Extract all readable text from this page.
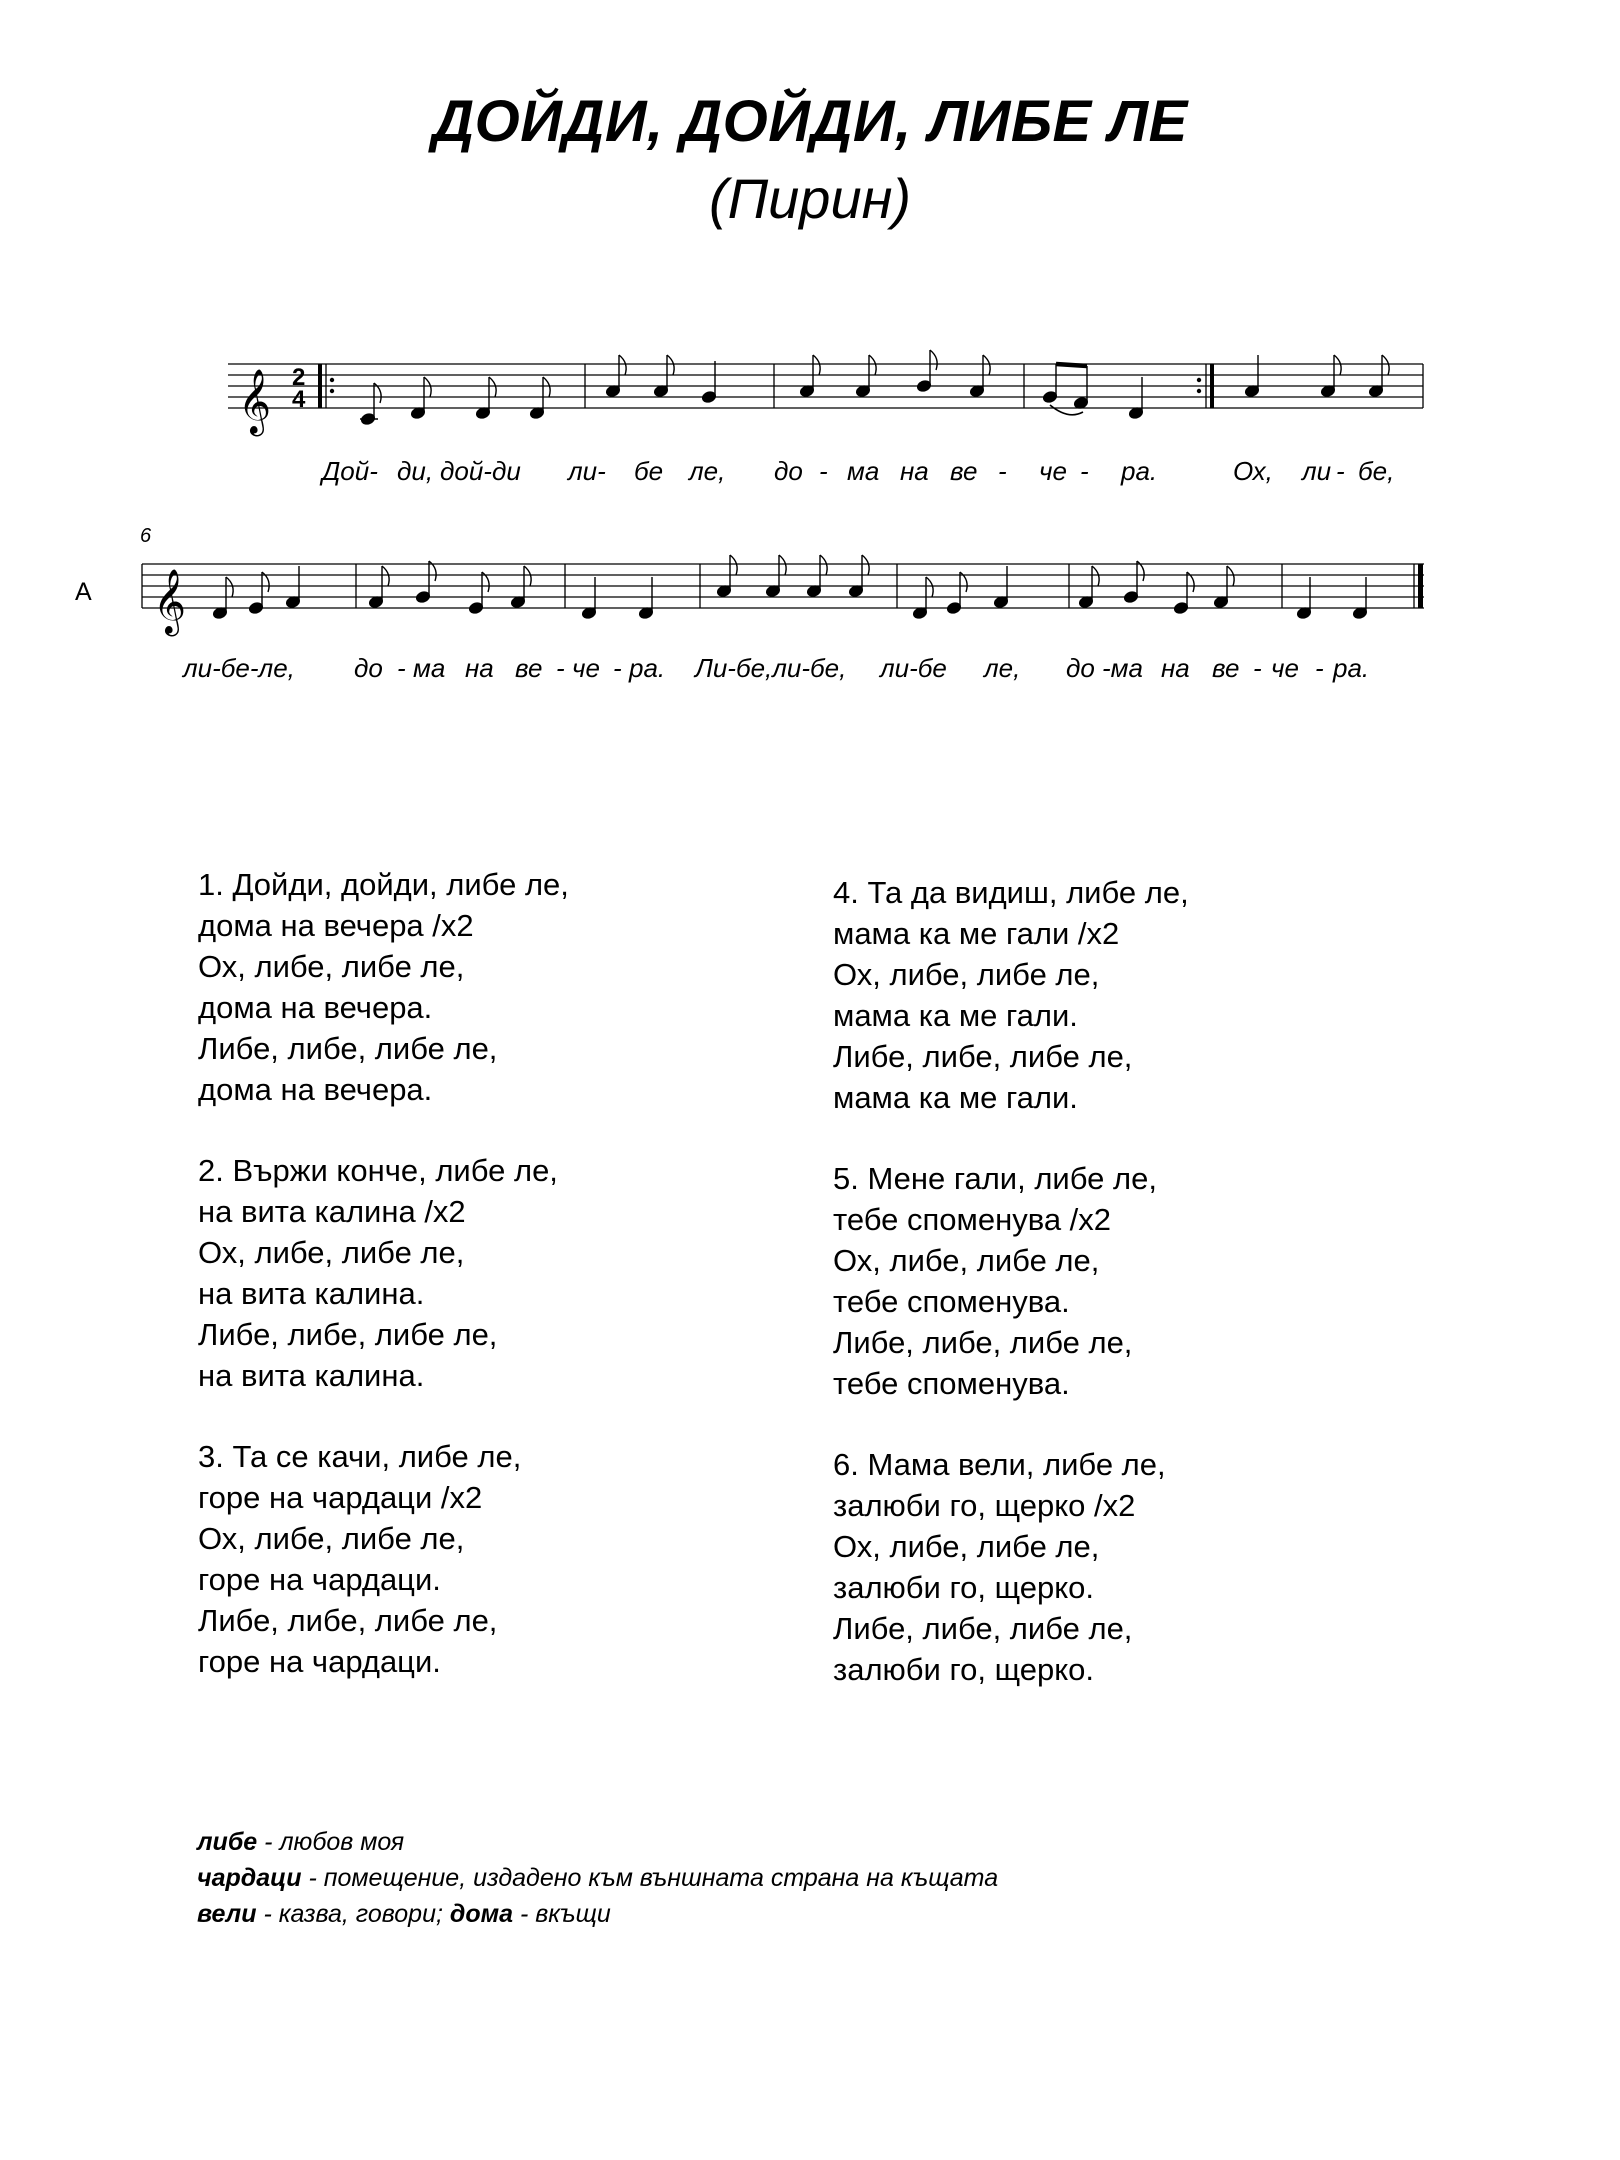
ДОЙДИ, ДОЙДИ, ЛИБЕ ЛЕ
(Пирин)
𝄞 2
4
Дой- ди, дой-ди ли- бе ле, до - ма на ве - че - ра.	Ох, ли - бе,
6
A 𝄞
ли-бе-ле, до - ма на ве - че - ра. Ли-бе,ли-бе, ли-бе ле, до -ма на ве - че - ра.
1. Дойди, дойди, либе ле,
дома на вечера /х2
Ох, либе, либе ле,
дома на вечера.
Либе, либе, либе ле,
дома на вечера.
2. Вържи конче, либе ле,
на вита калина /х2
Ох, либе, либе ле,
на вита калина.
Либе, либе, либе ле,
на вита калина.
3. Та се качи, либе ле,
горе на чардаци /х2
Ох, либе, либе ле,
горе на чардаци.
Либе, либе, либе ле,
горе на чардаци.
4. Та да видиш, либе ле,
мама ка ме гали /х2
Ох, либе, либе ле,
мама ка ме гали.
Либе, либе, либе ле,
мама ка ме гали.
5. Мене гали, либе ле,
тебе споменува /х2
Ох, либе, либе ле,
тебе споменува.
Либе, либе, либе ле,
тебе споменува.
6. Мама вели, либе ле,
залюби го, щерко /х2
Ох, либе, либе ле,
залюби го, щерко.
Либе, либе, либе ле,
залюби го, щерко.
либе - любов моя
чардаци - помещение, издадено към външната страна на къщата
вели - казва, говори; дома - вкъщи
